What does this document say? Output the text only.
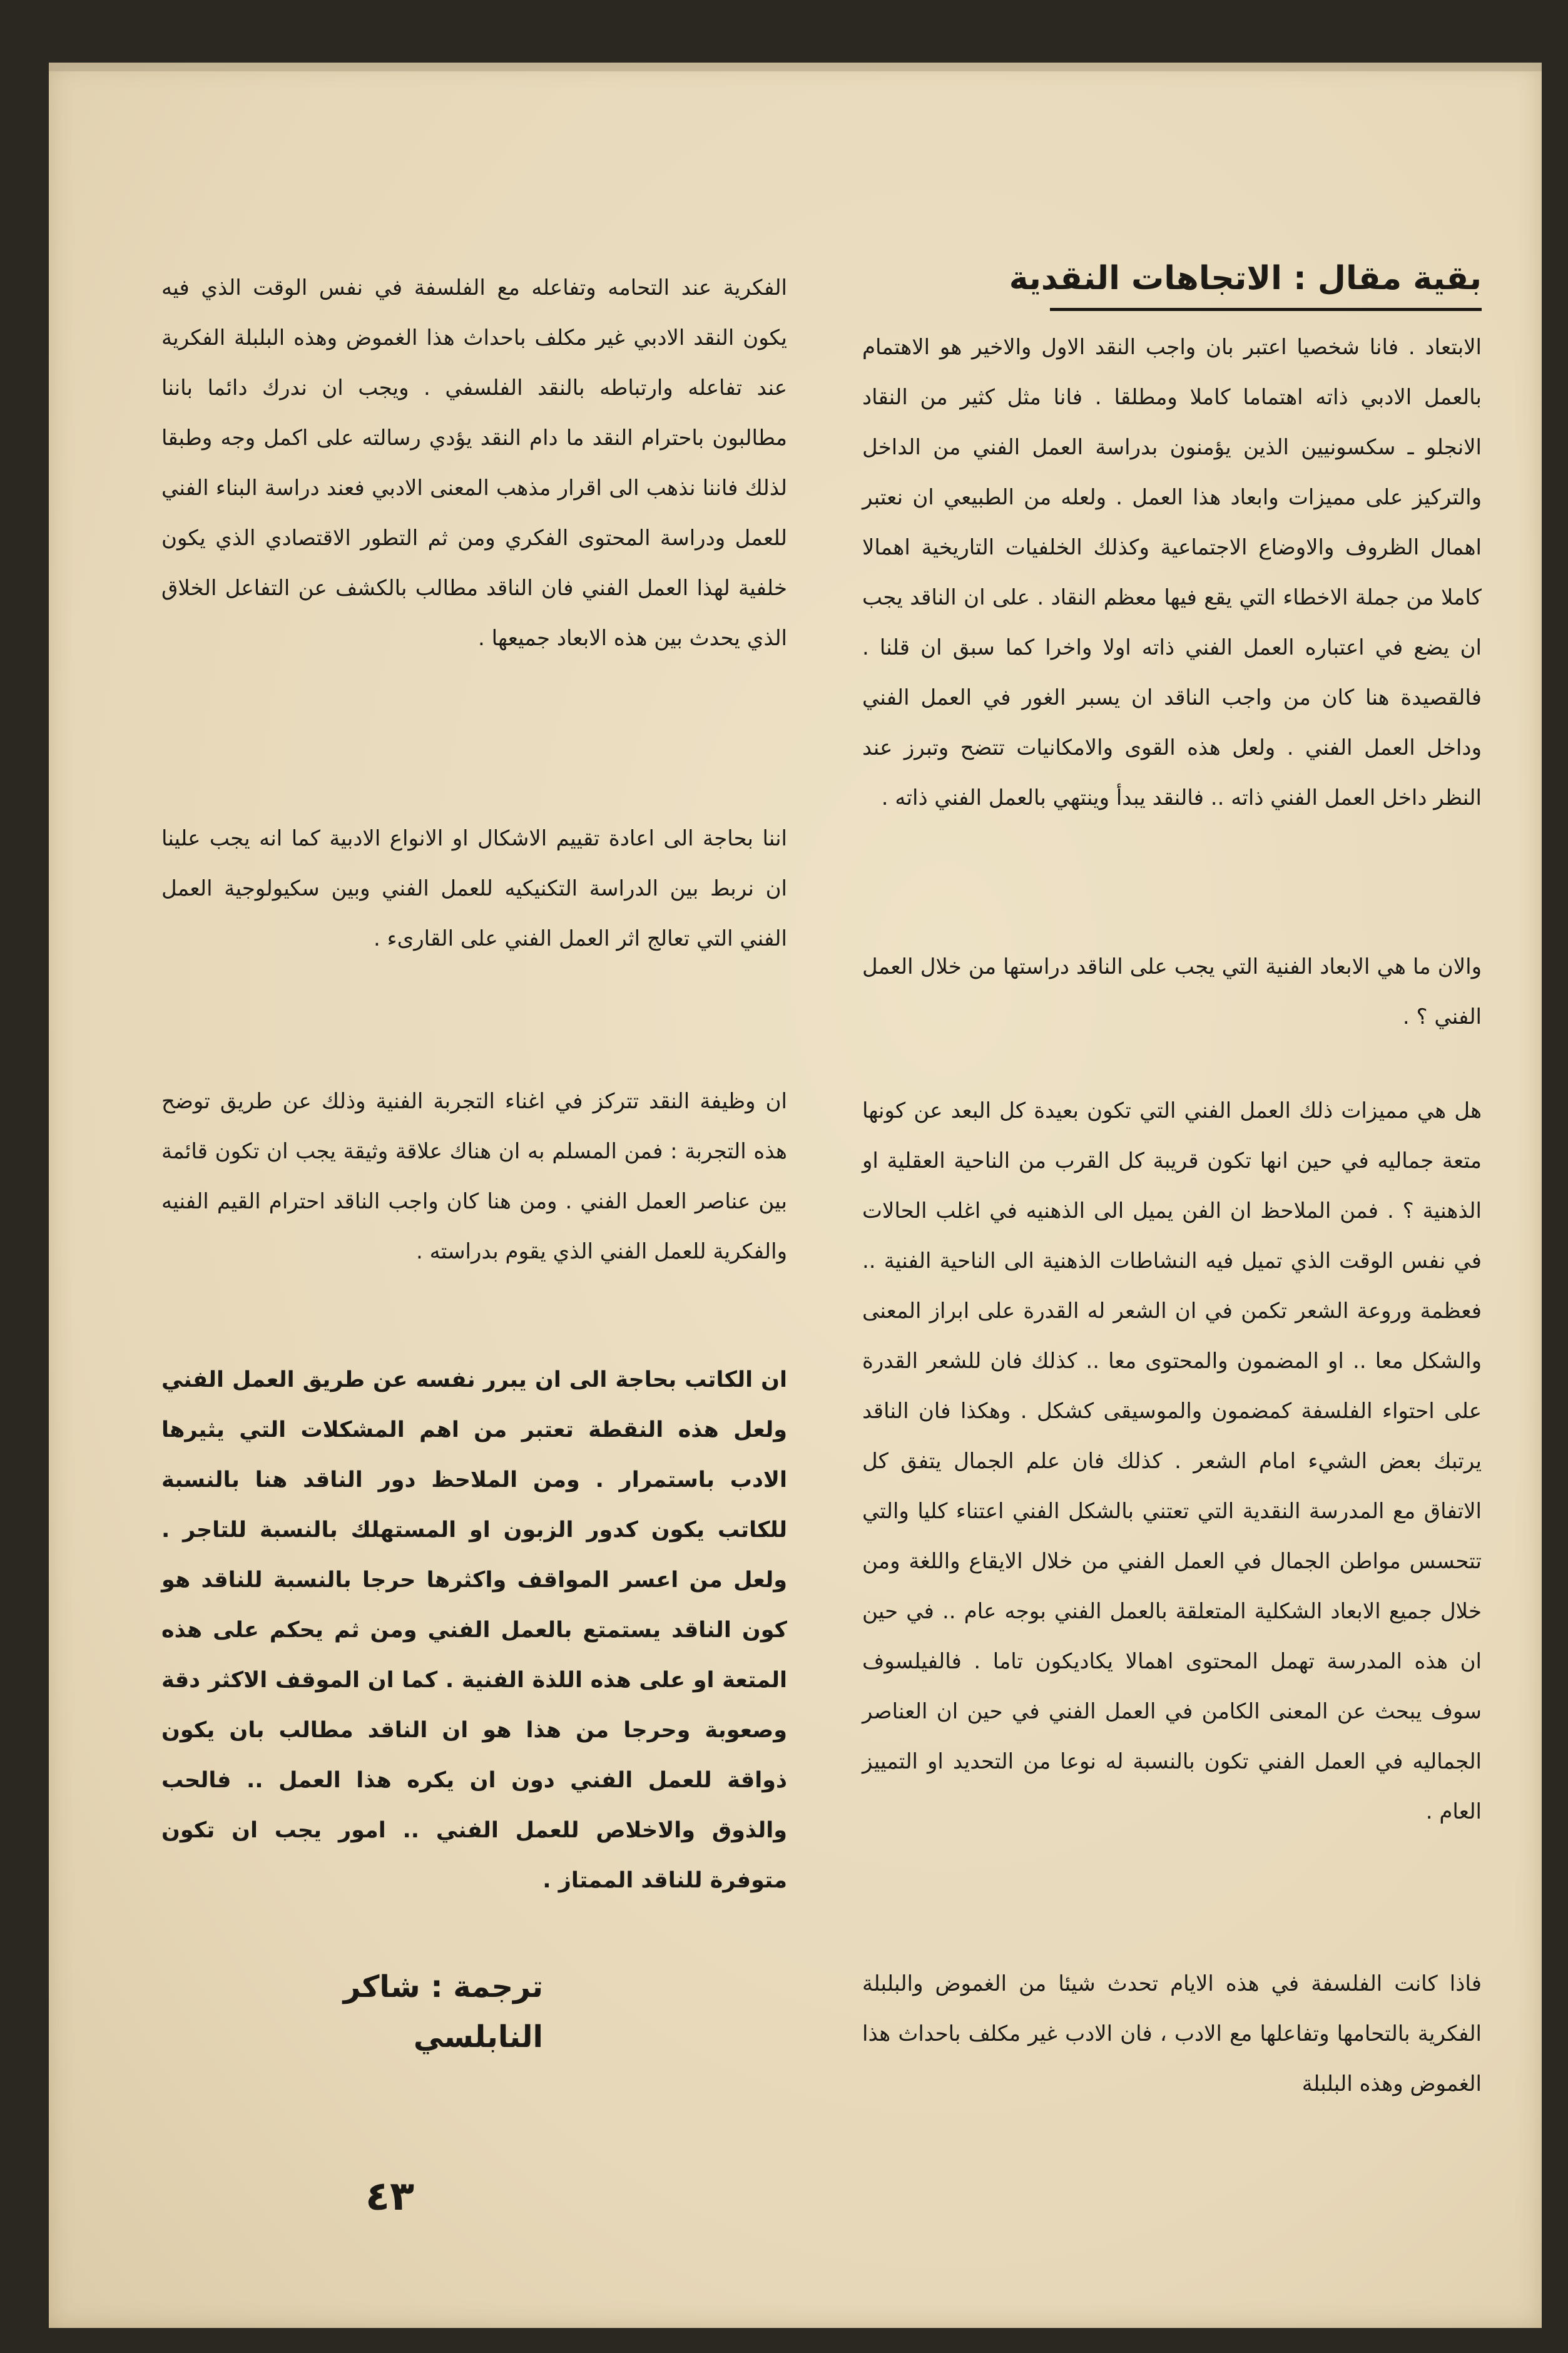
بقية مقال : الاتجاهات النقدية

الابتعاد . فانا شخصيا اعتبر بان واجب النقد الاول والاخير هو الاهتمام بالعمل الادبي ذاته اهتماما كاملا ومطلقا . فانا مثل كثير من النقاد الانجلو ـ سكسونيين الذين يؤمنون بدراسة العمل الفني من الداخل والتركيز على مميزات وابعاد هذا العمل . ولعله من الطبيعي ان نعتبر اهمال الظروف والاوضاع الاجتماعية وكذلك الخلفيات التاريخية اهمالا كاملا من جملة الاخطاء التي يقع فيها معظم النقاد . على ان الناقد يجب ان يضع في اعتباره العمل الفني ذاته اولا واخرا كما سبق ان قلنا . فالقصيدة هنا كان من واجب الناقد ان يسبر الغور في العمل الفني وداخل العمل الفني . ولعل هذه القوى والامكانيات تتضح وتبرز عند النظر داخل العمل الفني ذاته .. فالنقد يبدأ وينتهي بالعمل الفني ذاته .

والان ما هي الابعاد الفنية التي يجب على الناقد دراستها من خلال العمل الفني ؟ .

هل هي مميزات ذلك العمل الفني التي تكون بعيدة كل البعد عن كونها متعة جماليه في حين انها تكون قريبة كل القرب من الناحية العقلية او الذهنية ؟ . فمن الملاحظ ان الفن يميل الى الذهنيه في اغلب الحالات في نفس الوقت الذي تميل فيه النشاطات الذهنية الى الناحية الفنية .. فعظمة وروعة الشعر تكمن في ان الشعر له القدرة على ابراز المعنى والشكل معا .. او المضمون والمحتوى معا .. كذلك فان للشعر القدرة على احتواء الفلسفة كمضمون والموسيقى كشكل . وهكذا فان الناقد يرتبك بعض الشيء امام الشعر . كذلك فان علم الجمال يتفق كل الاتفاق مع المدرسة النقدية التي تعتني بالشكل الفني اعتناء كليا والتي تتحسس مواطن الجمال في العمل الفني من خلال الايقاع واللغة ومن خلال جميع الابعاد الشكلية المتعلقة بالعمل الفني بوجه عام .. في حين ان هذه المدرسة تهمل المحتوى اهمالا يكاديكون تاما . فالفيلسوف سوف يبحث عن المعنى الكامن في العمل الفني في حين ان العناصر الجماليه في العمل الفني تكون بالنسبة له نوعا من التحديد او التمييز العام .

فاذا كانت الفلسفة في هذه الايام تحدث شيئا من الغموض والبلبلة الفكرية بالتحامها وتفاعلها مع الادب ، فان الادب غير مكلف باحداث هذا الغموض وهذه البلبلة

الفكرية عند التحامه وتفاعله مع الفلسفة في نفس الوقت الذي فيه يكون النقد الادبي غير مكلف باحداث هذا الغموض وهذه البلبلة الفكرية عند تفاعله وارتباطه بالنقد الفلسفي . ويجب ان ندرك دائما باننا مطالبون باحترام النقد ما دام النقد يؤدي رسالته على اكمل وجه وطبقا لذلك فاننا نذهب الى اقرار مذهب المعنى الادبي فعند دراسة البناء الفني للعمل ودراسة المحتوى الفكري ومن ثم التطور الاقتصادي الذي يكون خلفية لهذا العمل الفني فان الناقد مطالب بالكشف عن التفاعل الخلاق الذي يحدث بين هذه الابعاد جميعها .

اننا بحاجة الى اعادة تقييم الاشكال او الانواع الادبية كما انه يجب علينا ان نربط بين الدراسة التكنيكيه للعمل الفني وبين سكيولوجية العمل الفني التي تعالج اثر العمل الفني على القارىء .

ان وظيفة النقد تتركز في اغناء التجربة الفنية وذلك عن طريق توضح هذه التجربة : فمن المسلم به ان هناك علاقة وثيقة يجب ان تكون قائمة بين عناصر العمل الفني . ومن هنا كان واجب الناقد احترام القيم الفنيه والفكرية للعمل الفني الذي يقوم بدراسته .

ان الكاتب بحاجة الى ان يبرر نفسه عن طريق العمل الفني ولعل هذه النقطة تعتبر من اهم المشكلات التي يثيرها الادب باستمرار . ومن الملاحظ دور الناقد هنا بالنسبة للكاتب يكون كدور الزبون او المستهلك بالنسبة للتاجر . ولعل من اعسر المواقف واكثرها حرجا بالنسبة للناقد هو كون الناقد يستمتع بالعمل الفني ومن ثم يحكم على هذه المتعة او على هذه اللذة الفنية . كما ان الموقف الاكثر دقة وصعوبة وحرجا من هذا هو ان الناقد مطالب بان يكون ذواقة للعمل الفني دون ان يكره هذا العمل .. فالحب والذوق والاخلاص للعمل الفني .. امور يجب ان تكون متوفرة للناقد الممتاز .

ترجمة : شاكر النابلسي
٤٣
